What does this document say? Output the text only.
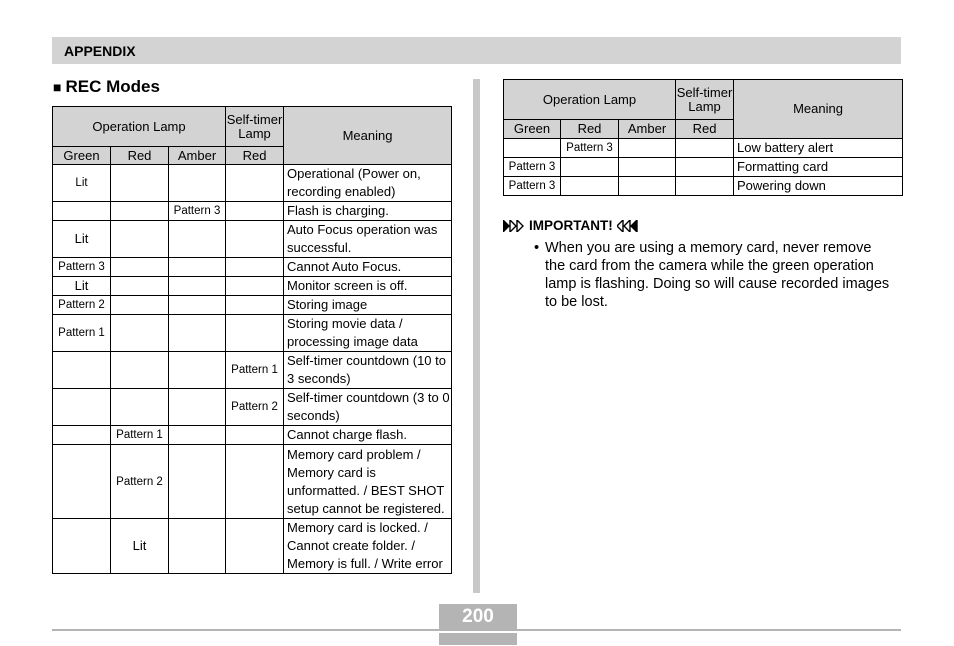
APPENDIX
■ REC Modes
Operation Lamp			Self-timer Lamp	Meaning
Green	Red	Amber	Red	
Lit				Operational (Power on, recording enabled)
		Pattern 3		Flash is charging.
Lit				Auto Focus operation was successful.
Pattern 3				Cannot Auto Focus.
Lit				Monitor screen is off.
Pattern 2				Storing image
Pattern 1				Storing movie data / processing image data
			Pattern 1	Self-timer countdown (10 to 3 seconds)
			Pattern 2	Self-timer countdown (3 to 0 seconds)
	Pattern 1			Cannot charge flash.
	Pattern 2			Memory card problem / Memory card is unformatted. / BEST SHOT setup cannot be registered.
	Lit			Memory card is locked. / Cannot create folder. / Memory is full. / Write error
Operation Lamp			Self-timer Lamp	Meaning
Green	Red	Amber	Red	
	Pattern 3			Low battery alert
Pattern 3				Formatting card
Pattern 3				Powering down
IMPORTANT!
• When you are using a memory card, never remove the card from the camera while the green operation lamp is flashing. Doing so will cause recorded images to be lost.
200
